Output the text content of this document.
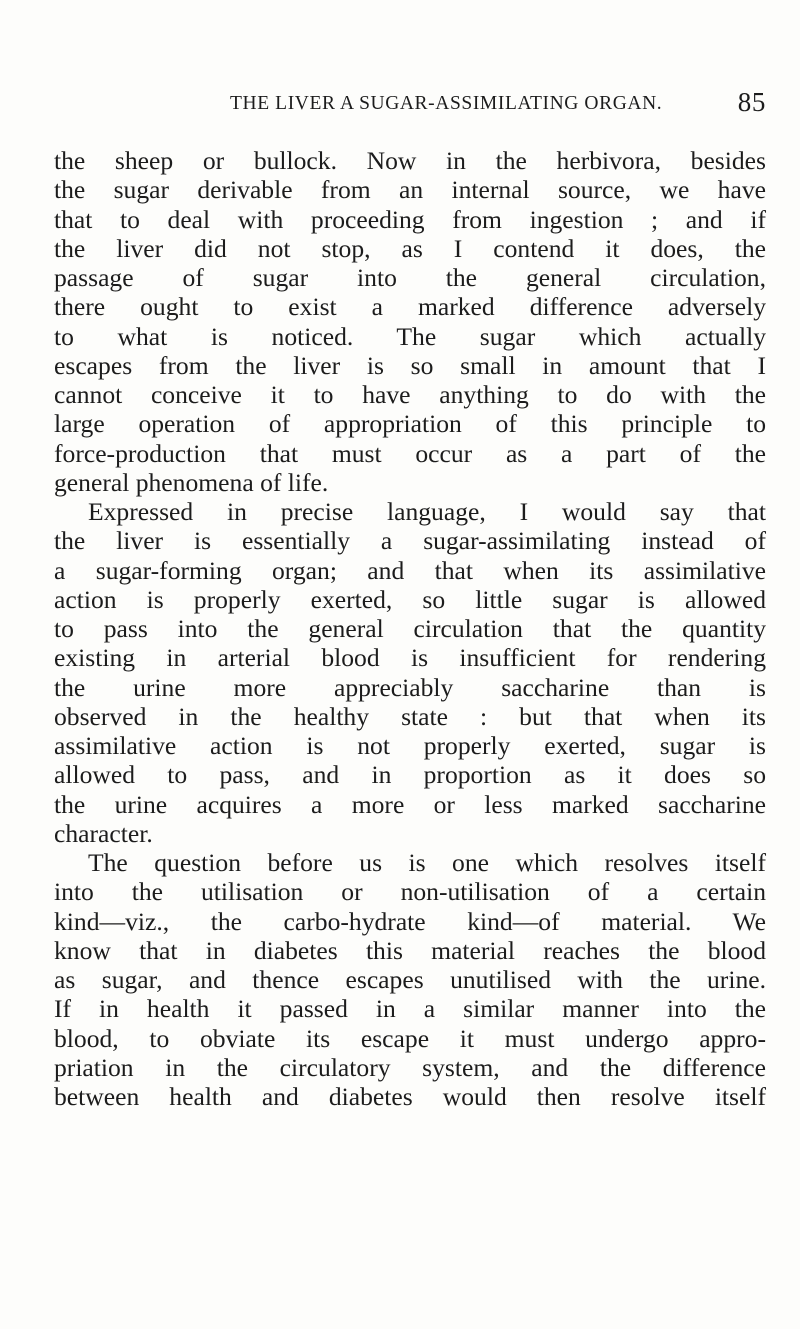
THE LIVER A SUGAR-ASSIMILATING ORGAN.	85
the sheep or bullock. Now in the herbivora, besides
the sugar derivable from an internal source, we have
that to deal with proceeding from ingestion ; and if
the liver did not stop, as I contend it does, the
passage of sugar into the general circulation,
there ought to exist a marked difference adversely
to what is noticed. The sugar which actually
escapes from the liver is so small in amount that I
cannot conceive it to have anything to do with the
large operation of appropriation of this principle to
force-production that must occur as a part of the
general phenomena of life.
Expressed in precise language, I would say that
the liver is essentially a sugar-assimilating instead of
a sugar-forming organ; and that when its assimilative
action is properly exerted, so little sugar is allowed
to pass into the general circulation that the quantity
existing in arterial blood is insufficient for rendering
the urine more appreciably saccharine than is
observed in the healthy state : but that when its
assimilative action is not properly exerted, sugar is
allowed to pass, and in proportion as it does so
the urine acquires a more or less marked saccharine
character.
The question before us is one which resolves itself
into the utilisation or non-utilisation of a certain
kind—viz., the carbo-hydrate kind—of material. We
know that in diabetes this material reaches the blood
as sugar, and thence escapes unutilised with the urine.
If in health it passed in a similar manner into the
blood, to obviate its escape it must undergo appro-
priation in the circulatory system, and the difference
between health and diabetes would then resolve itself
